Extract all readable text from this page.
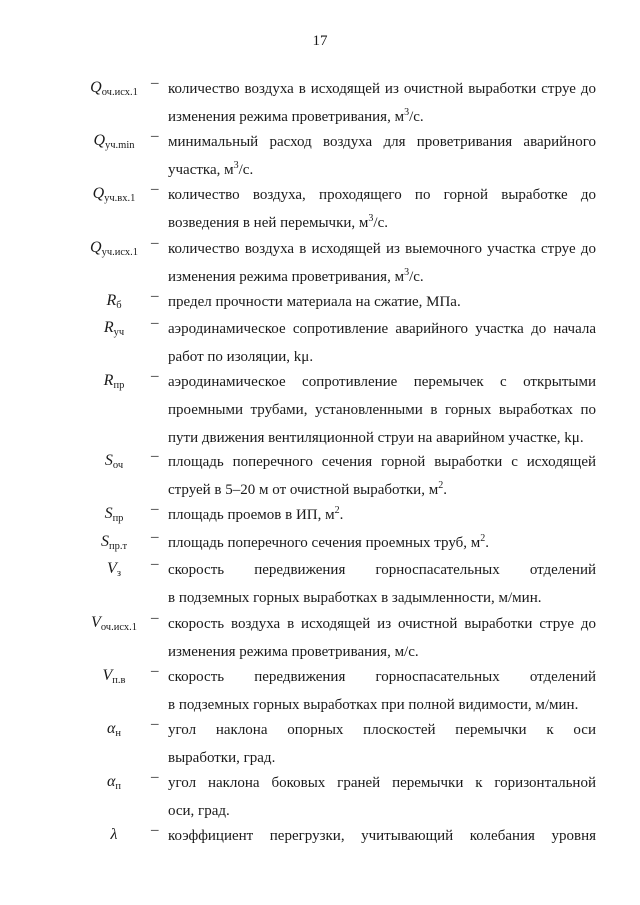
17
$Q_{оч.исх.1}$
– количество воздуха в исходящей из очистной выработки струе до
изменения режима проветривания, $м^3/с$.
$Q_{уч.min}$
– минимальный расход воздуха для проветривания аварийного
участка, $м^3/с$.
$Q_{уч.вх.1}$
– количество воздуха, проходящего по горной выработке до
возведения в ней перемычки, $м^3/с$.
$Q_{уч.исх.1}$
– количество воздуха в исходящей из выемочного участка струе до
изменения режима проветривания, $м^3/с$.
$R_б$
– предел прочности материала на сжатие, МПа.
$R_{уч}$
– аэродинамическое сопротивление аварийного участка до начала
работ по изоляции, kμ.
$R_{пр}$
– аэродинамическое сопротивление перемычек с открытыми
проемными трубами, установленными в горных выработках по
пути движения вентиляционной струи на аварийном участке, kμ.
$S_{оч}$
– площадь поперечного сечения горной выработки с исходящей
струей в 5–20 м от очистной выработки, $м^2$.
$S_{пр}$
– площадь проемов в ИП, $м^2$.
$S_{пр.т}$
– площадь поперечного сечения проемных труб, $м^2$.
$V_з$
– скорость передвижения горноспасательных отделений
в подземных горных выработках в задымленности, м/мин.
$V_{оч.исх.1}$
– скорость воздуха в исходящей из очистной выработки струе до
изменения режима проветривания, м/с.
$V_{п.в}$
– скорость передвижения горноспасательных отделений
в подземных горных выработках при полной видимости, м/мин.
$\alpha_н$
– угол наклона опорных плоскостей перемычки к оси
выработки, град.
$\alpha_п$
– угол наклона боковых граней перемычки к горизонтальной
оси, град.
λ	– коэффициент перегрузки, учитывающий колебания уровня
